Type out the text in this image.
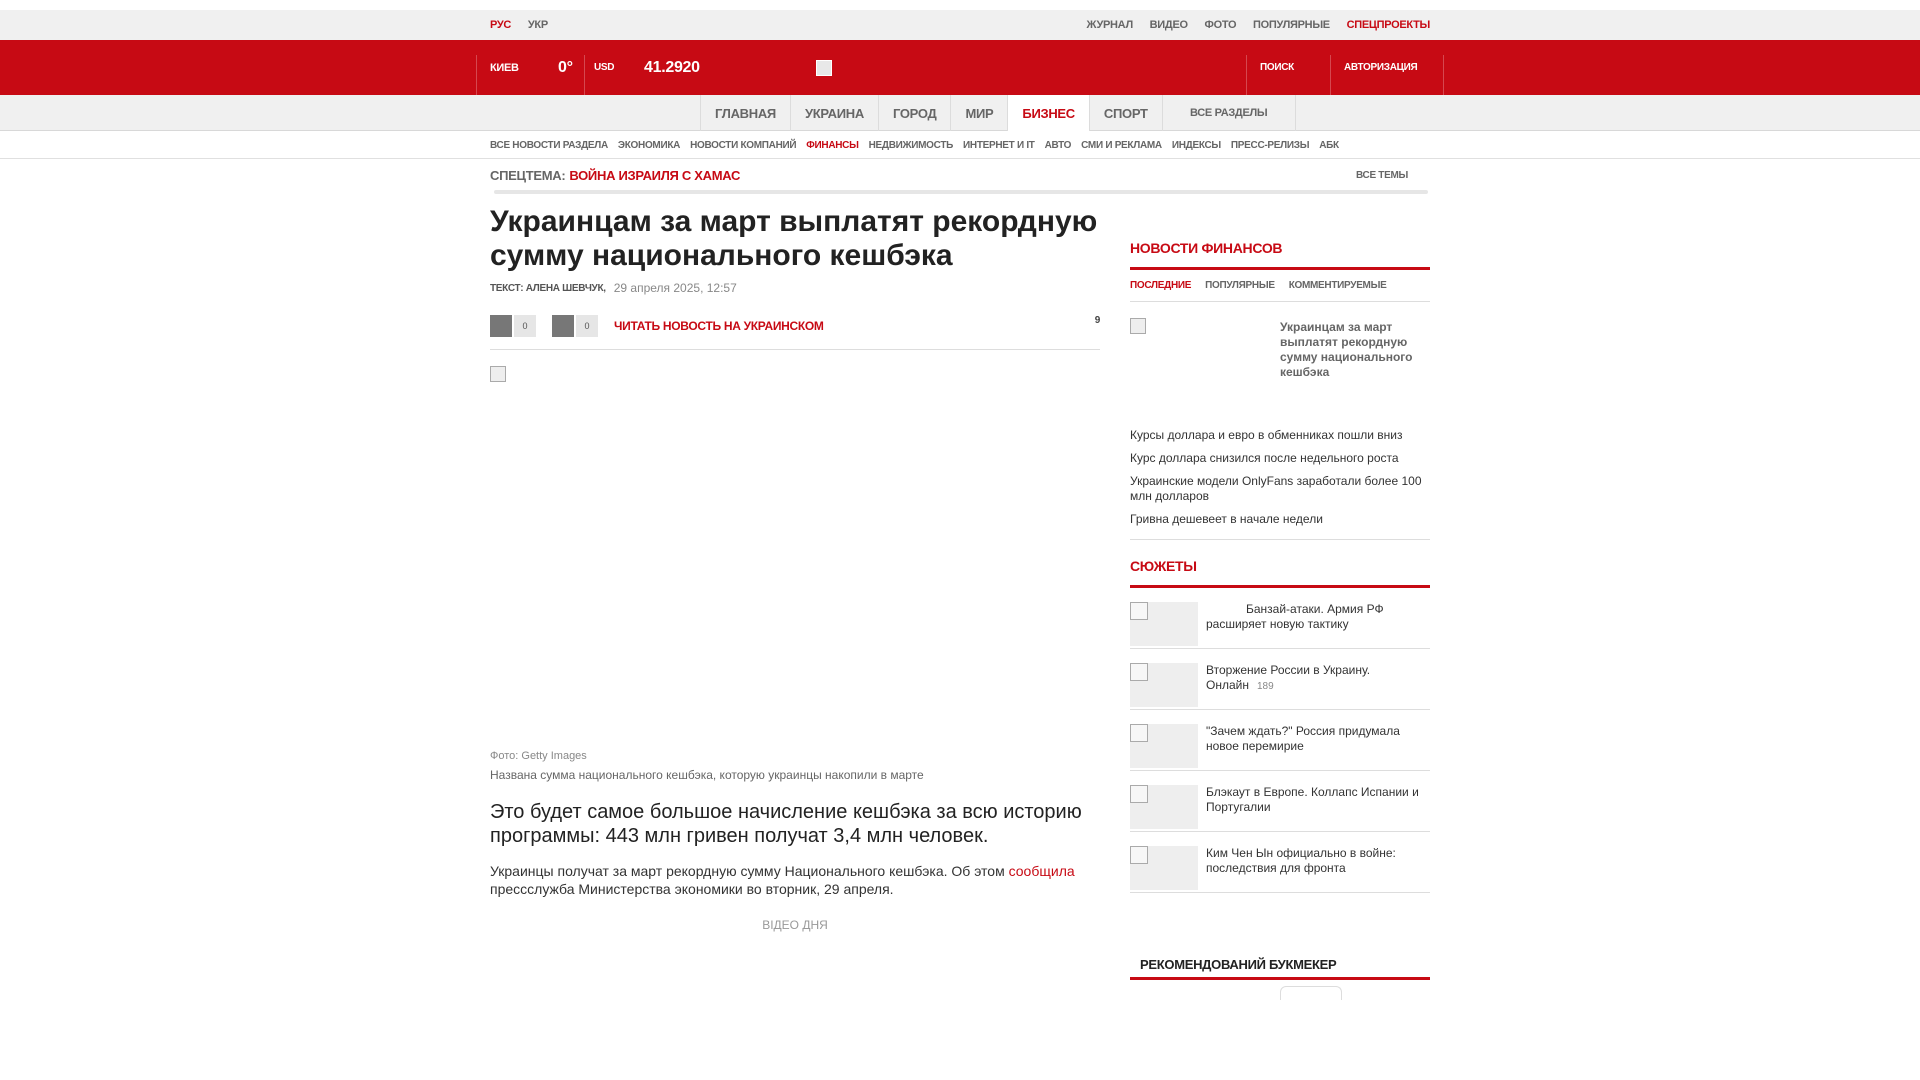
РУС УКР	ЖУРНАЛ ВИДЕО ФОТО ПОПУЛЯРНЫЕ СПЕЦПРОЕКТЫ
КИЕВ 0° USD 41.2920	ПОИСК	АВТОРИЗАЦИЯ
ГЛАВНАЯ	УКРАИНА	ГОРОД	МИР	БИЗНЕС	СПОРТ	ВСЕ РАЗДЕЛЫ
ВСЕ НОВОСТИ РАЗДЕЛА ЭКОНОМИКА НОВОСТИ КОМПАНИЙ ФИНАНСЫ НЕДВИЖИМОСТЬ ИНТЕРНЕТ И IT АВТО СМИ И РЕКЛАМА ИНДЕКСЫ ПРЕСС-РЕЛИЗЫ АБК
СПЕЦТЕМА: ВОЙНА ИЗРАИЛЯ С ХАМАС	ВСЕ ТЕМЫ
Украинцам за март выплатят рекордную сумму национального кешбэка
ТЕКСТ: АЛЕНА ШЕВЧУК, 29 апреля 2025, 12:57
0	0	ЧИТАТЬ НОВОСТЬ НА УКРАИНСКОМ	9
Фото: Getty Images
Названа сумма национального кешбэка, которую украинцы накопили в марте

Это будет самое большое начисление кешбэка за всю историю программы: 443 млн гривен получат 3,4 млн человек.

Украинцы получат за март рекордную сумму Национального кешбэка. Об этом сообщила прессслужба Министерства экономики во вторник, 29 апреля.

ВІДЕО ДНЯ
НОВОСТИ ФИНАНСОВ
ПОСЛЕДНИЕ ПОПУЛЯРНЫЕ КОММЕНТИРУЕМЫЕ
Украинцам за март выплатят рекордную сумму национального кешбэка
Курсы доллара и евро в обменниках пошли вниз
Курс доллара снизился после недельного роста
Украинские модели OnlyFans заработали более 100 млн долларов
Гривна дешевеет в начале недели
СЮЖЕТЫ
Банзай-атаки. Армия РФ расширяет новую тактику
Вторжение России в Украину. Онлайн 189
"Зачем ждать?" Россия придумала новое перемирие
Блэкаут в Европе. Коллапс Испании и Португалии
Ким Чен Ын официально в войне: последствия для фронта
РЕКОМЕНДОВАНИЙ БУКМЕКЕР
